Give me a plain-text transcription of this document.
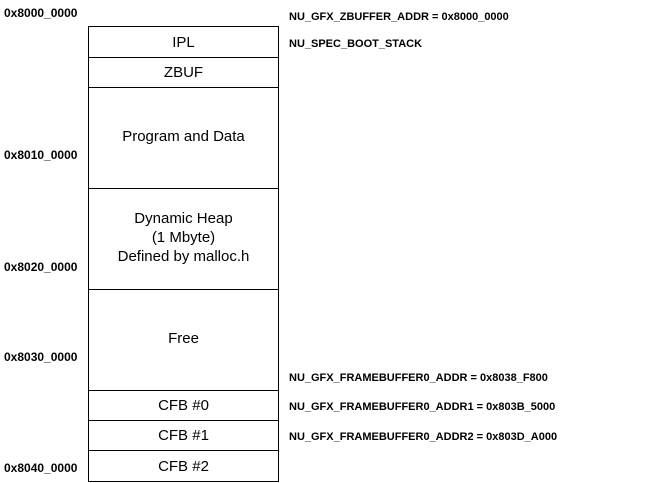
0x8000_0000
0x8010_0000
0x8020_0000
0x8030_0000
0x8040_0000
IPL
ZBUF
Program and Data
Dynamic Heap
(1 Mbyte)
Defined by malloc.h
Free
CFB #0
CFB #1
CFB #2
NU_GFX_ZBUFFER_ADDR = 0x8000_0000
NU_SPEC_BOOT_STACK
NU_GFX_FRAMEBUFFER0_ADDR = 0x8038_F800
NU_GFX_FRAMEBUFFER0_ADDR1 = 0x803B_5000
NU_GFX_FRAMEBUFFER0_ADDR2 = 0x803D_A000
